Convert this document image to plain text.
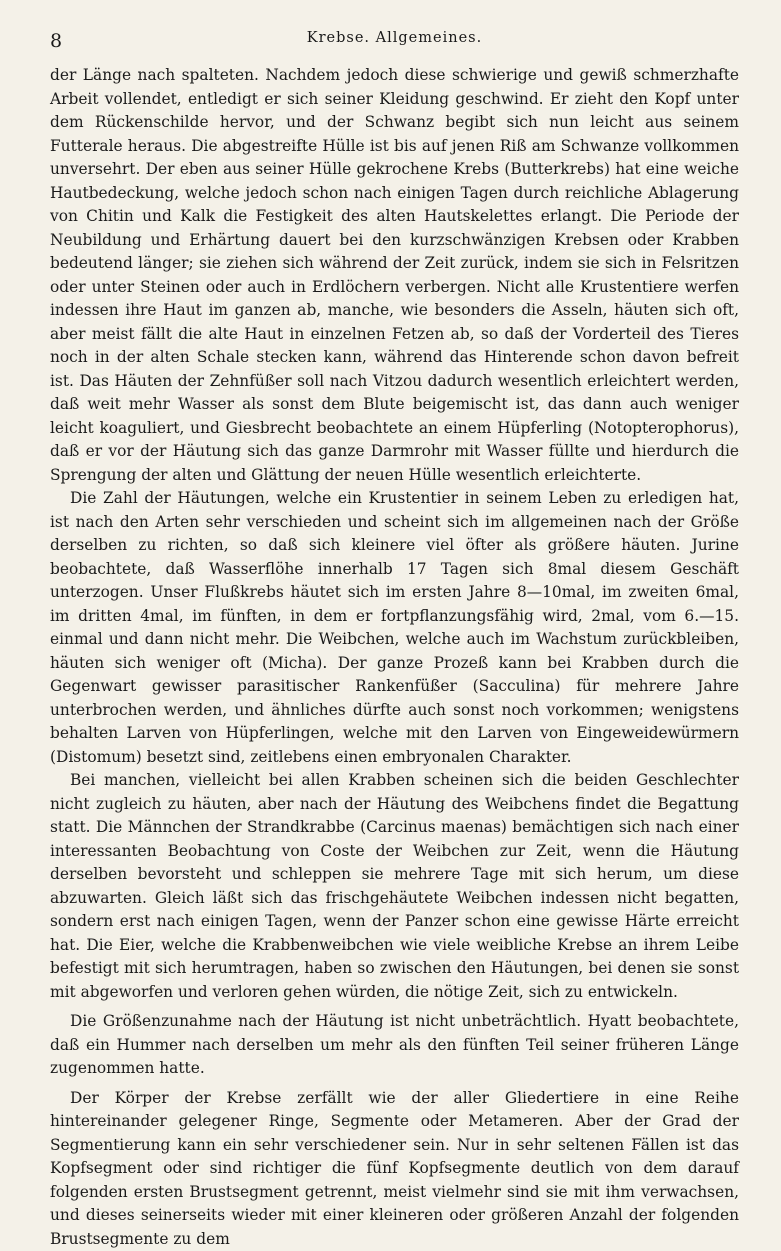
8	Krebse. Allgemeines.

der Länge nach spalteten. Nachdem jedoch diese schwierige und gewiß schmerzhafte Arbeit vollendet, entledigt er sich seiner Kleidung geschwind. Er zieht den Kopf unter dem Rückenschilde hervor, und der Schwanz begibt sich nun leicht aus seinem Futterale heraus. Die abgestreifte Hülle ist bis auf jenen Riß am Schwanze vollkommen unversehrt. Der eben aus seiner Hülle gekrochene Krebs (Butterkrebs) hat eine weiche Hautbedeckung, welche jedoch schon nach einigen Tagen durch reichliche Ablagerung von Chitin und Kalk die Festigkeit des alten Hautskelettes erlangt. Die Periode der Neubildung und Erhärtung dauert bei den kurzschwänzigen Krebsen oder Krabben bedeutend länger; sie ziehen sich während der Zeit zurück, indem sie sich in Felsritzen oder unter Steinen oder auch in Erdlöchern verbergen. Nicht alle Krustentiere werfen indessen ihre Haut im ganzen ab, manche, wie besonders die Asseln, häuten sich oft, aber meist fällt die alte Haut in einzelnen Fetzen ab, so daß der Vorderteil des Tieres noch in der alten Schale stecken kann, während das Hinterende schon davon befreit ist. Das Häuten der Zehnfüßer soll nach Vitzou dadurch wesentlich erleichtert werden, daß weit mehr Wasser als sonst dem Blute beigemischt ist, das dann auch weniger leicht koaguliert, und Giesbrecht beobachtete an einem Hüpferling (Notopterophorus), daß er vor der Häutung sich das ganze Darmrohr mit Wasser füllte und hierdurch die Sprengung der alten und Glättung der neuen Hülle wesentlich erleichterte.

Die Zahl der Häutungen, welche ein Krustentier in seinem Leben zu erledigen hat, ist nach den Arten sehr verschieden und scheint sich im allgemeinen nach der Größe derselben zu richten, so daß sich kleinere viel öfter als größere häuten. Jurine beobachtete, daß Wasserflöhe innerhalb 17 Tagen sich 8mal diesem Geschäft unterzogen. Unser Flußkrebs häutet sich im ersten Jahre 8—10mal, im zweiten 6mal, im dritten 4mal, im fünften, in dem er fortpflanzungsfähig wird, 2mal, vom 6.—15. einmal und dann nicht mehr. Die Weibchen, welche auch im Wachstum zurückbleiben, häuten sich weniger oft (Micha). Der ganze Prozeß kann bei Krabben durch die Gegenwart gewisser parasitischer Rankenfüßer (Sacculina) für mehrere Jahre unterbrochen werden, und ähnliches dürfte auch sonst noch vorkommen; wenigstens behalten Larven von Hüpferlingen, welche mit den Larven von Eingeweidewürmern (Distomum) besetzt sind, zeitlebens einen embryonalen Charakter.

Bei manchen, vielleicht bei allen Krabben scheinen sich die beiden Geschlechter nicht zugleich zu häuten, aber nach der Häutung des Weibchens findet die Begattung statt. Die Männchen der Strandkrabbe (Carcinus maenas) bemächtigen sich nach einer interessanten Beobachtung von Coste der Weibchen zur Zeit, wenn die Häutung derselben bevorsteht und schleppen sie mehrere Tage mit sich herum, um diese abzuwarten. Gleich läßt sich das frischgehäutete Weibchen indessen nicht begatten, sondern erst nach einigen Tagen, wenn der Panzer schon eine gewisse Härte erreicht hat. Die Eier, welche die Krabbenweibchen wie viele weibliche Krebse an ihrem Leibe befestigt mit sich herumtragen, haben so zwischen den Häutungen, bei denen sie sonst mit abgeworfen und verloren gehen würden, die nötige Zeit, sich zu entwickeln.

Die Größenzunahme nach der Häutung ist nicht unbeträchtlich. Hyatt beobachtete, daß ein Hummer nach derselben um mehr als den fünften Teil seiner früheren Länge zugenommen hatte.

Der Körper der Krebse zerfällt wie der aller Gliedertiere in eine Reihe hintereinander gelegener Ringe, Segmente oder Metameren. Aber der Grad der Segmentierung kann ein sehr verschiedener sein. Nur in sehr seltenen Fällen ist das Kopfsegment oder sind richtiger die fünf Kopfsegmente deutlich von dem darauf folgenden ersten Brustsegment getrennt, meist vielmehr sind sie mit ihm verwachsen, und dieses seinerseits wieder mit einer kleineren oder größeren Anzahl der folgenden Brustsegmente zu dem
